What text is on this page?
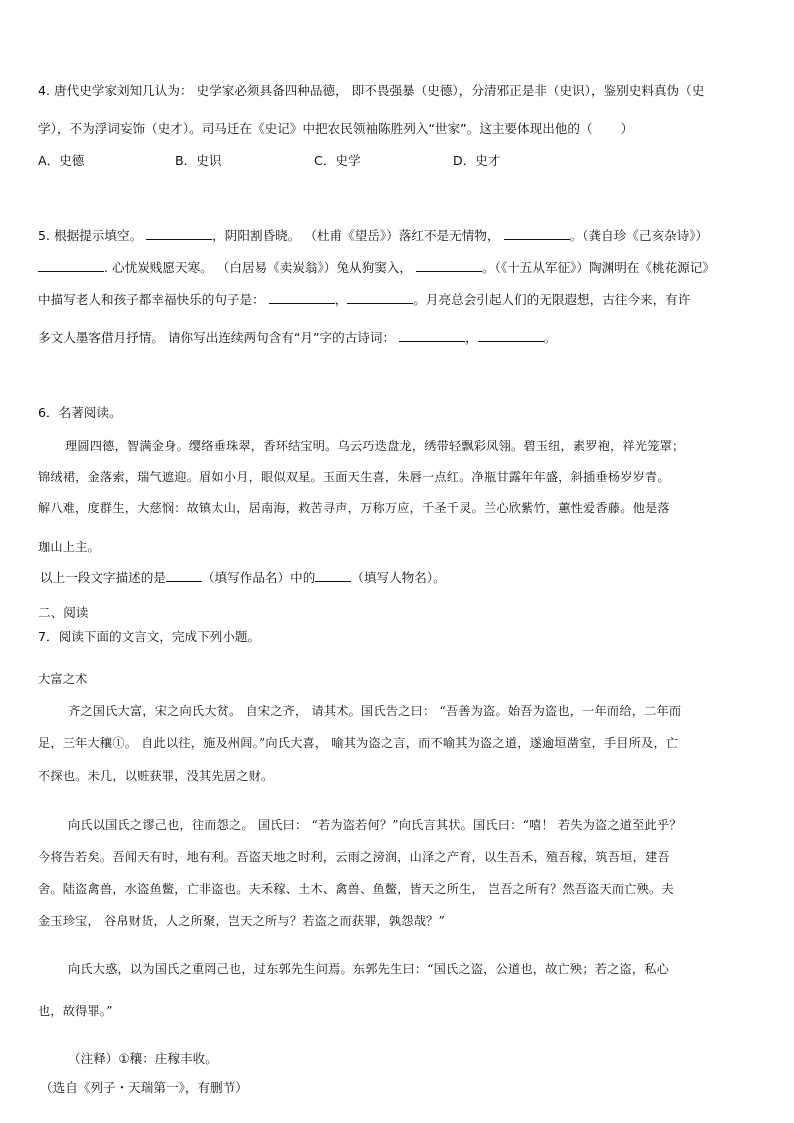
4. 唐代史学家刘知几认为： 史学家必须具备四种品德， 即不畏强暴（史德），分清邪正是非（史识），鉴别史料真伪（史
学），不为浮词妄饰（史才）。司马迁在《史记》中把农民领袖陈胜列入“世家”。这主要体现出他的（ ）
A．史德	B．史识	C．史学	D．史才
5. 根据提示填空。	，阴阳割昏晓。 （杜甫《望岳》）落红不是无情物，	。（龚自珍《己亥杂诗》）
. 心忧炭贱愿天寒。 （白居易《卖炭翁》）兔从狗窦入，	。（《十五从军征》）陶渊明在《桃花源记》
中描写老人和孩子都幸福快乐的句子是：	，	。月亮总会引起人们的无限遐想，古往今来，有许
多文人墨客借月抒情。 请你写出连续两句含有“月”字的古诗词：	，	。
6．名著阅读。
理圆四德，智满金身。缨络垂珠翠，香环结宝明。乌云巧迭盘龙，绣带轻飘彩凤翎。碧玉纽，素罗袍，祥光笼罩；
锦绒裙，金落索，瑞气遮迎。眉如小月，眼似双星。玉面天生喜，朱唇一点红。净瓶甘露年年盛，斜插垂杨岁岁青。
解八难，度群生，大慈悯：故镇太山，居南海，救苦寻声，万称万应，千圣千灵。兰心欣紫竹，蕙性爱香藤。他是落
珈山上主。
以上一段文字描述的是	（填写作品名）中的	（填写人物名）。
二、阅读
7．阅读下面的文言文，完成下列小题。
大富之术
齐之国氏大富，宋之向氏大贫。 自宋之齐， 请其术。国氏告之曰： “吾善为盗。始吾为盗也，一年而给，二年而
足，三年大穰①。 自此以往，施及州闾。”向氏大喜， 喻其为盗之言，而不喻其为盗之道，遂逾垣凿室，手目所及，亡
不探也。未几，以赃获罪，没其先居之财。
向氏以国氏之谬己也，往而怨之。 国氏曰： “若为盗若何？”向氏言其状。国氏曰：“嘻！ 若失为盗之道至此乎？
今将告若矣。吾闻天有时，地有利。吾盗天地之时利，云雨之滂润，山泽之产育，以生吾禾，殖吾稼，筑吾垣，建吾
舍。陆盗禽兽，水盗鱼鳖，亡非盗也。夫禾稼、土木、禽兽、鱼鳖，皆天之所生， 岂吾之所有？然吾盗天而亡殃。夫
金玉珍宝， 谷帛财货，人之所聚，岂天之所与？若盗之而获罪，孰怨哉？”
向氏大惑，以为国氏之重罔己也，过东郭先生问焉。东郭先生曰：“国氏之盗，公道也，故亡殃；若之盗，私心
也，故得罪。”
（注释）①穰：庄稼丰收。
（选自《列子・天瑞第一》，有删节）
